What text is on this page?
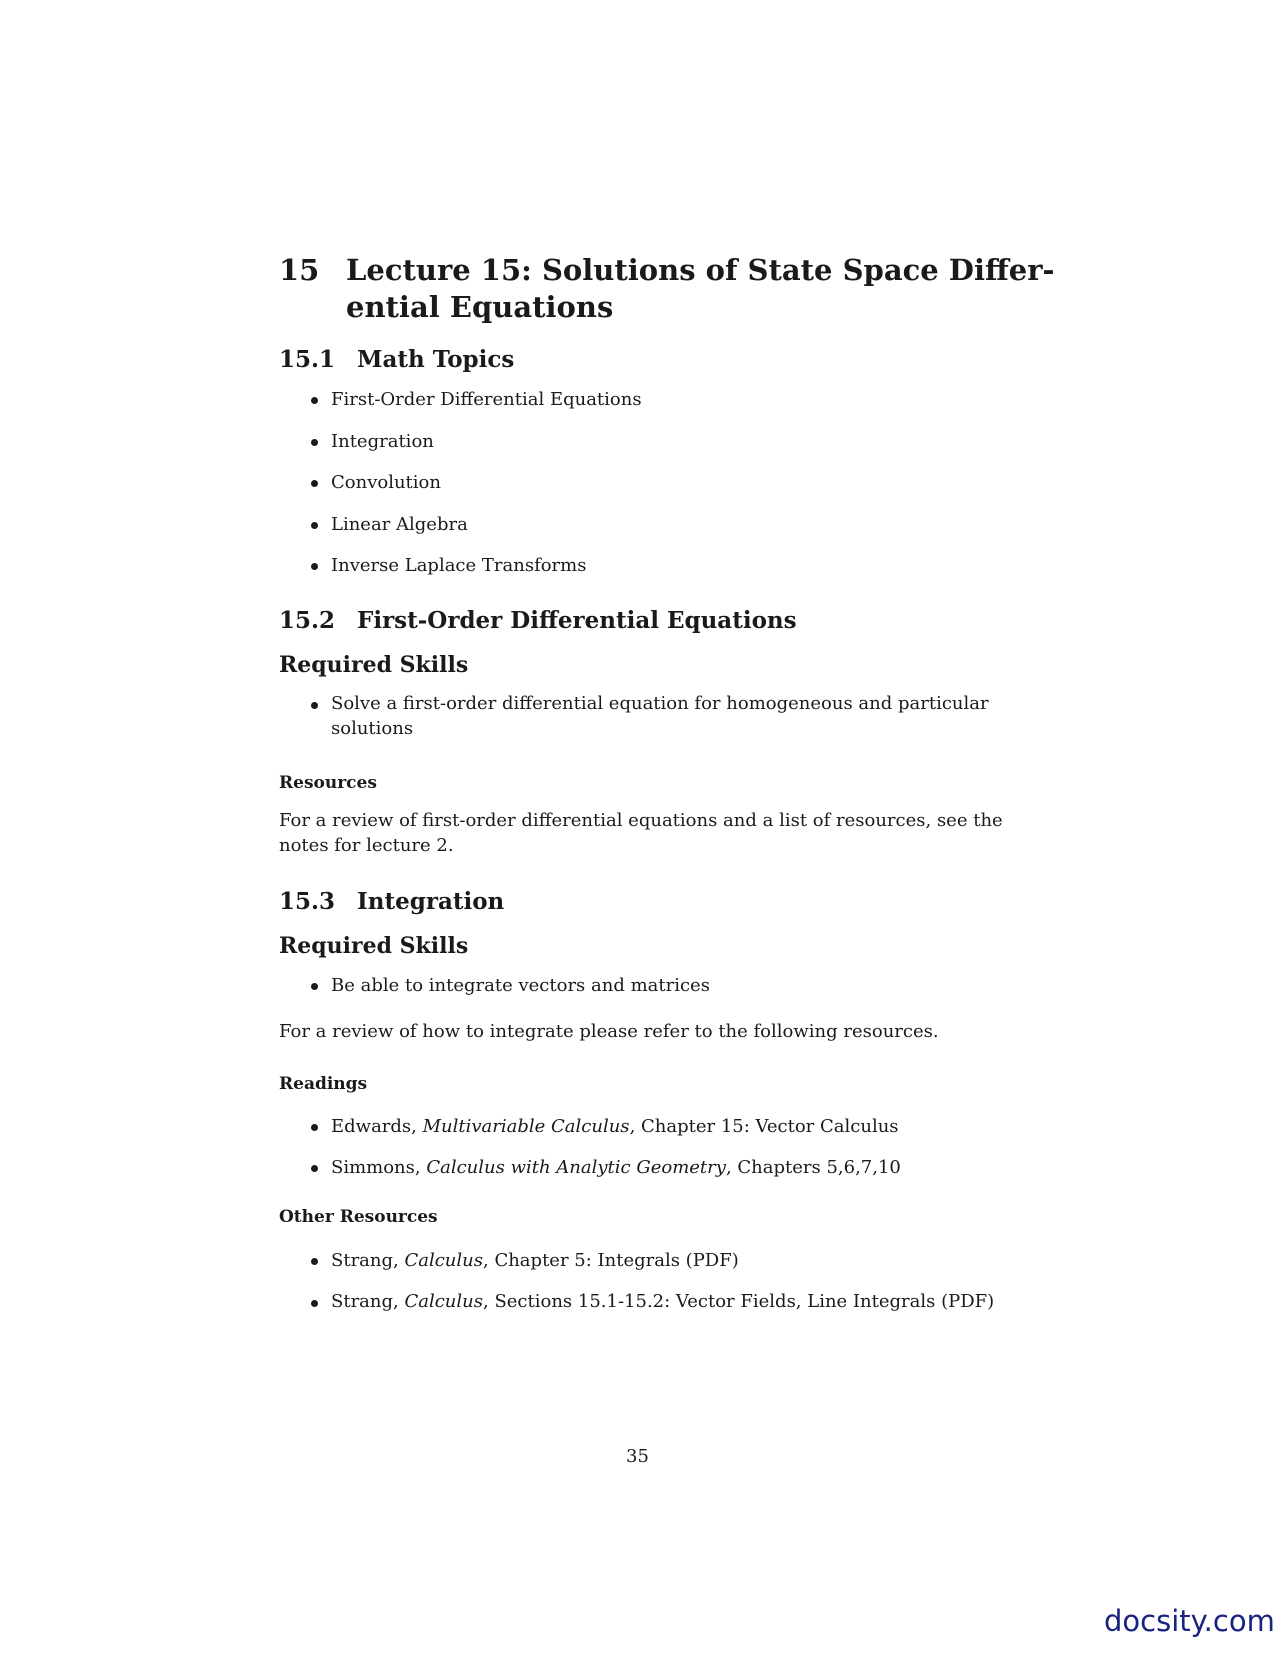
15 Lecture 15: Solutions of State Space Differ-
ential Equations
15.1 Math Topics
First-Order Differential Equations
Integration
Convolution
Linear Algebra
Inverse Laplace Transforms
15.2 First-Order Differential Equations
Required Skills
Solve a first-order differential equation for homogeneous and particular
solutions
Resources
For a review of first-order differential equations and a list of resources, see the
notes for lecture 2.
15.3 Integration
Required Skills
Be able to integrate vectors and matrices
For a review of how to integrate please refer to the following resources.
Readings
Edwards, Multivariable Calculus, Chapter 15: Vector Calculus
Simmons, Calculus with Analytic Geometry, Chapters 5,6,7,10
Other Resources
Strang, Calculus, Chapter 5: Integrals (PDF)
Strang, Calculus, Sections 15.1-15.2: Vector Fields, Line Integrals (PDF)
35
docsity.com
